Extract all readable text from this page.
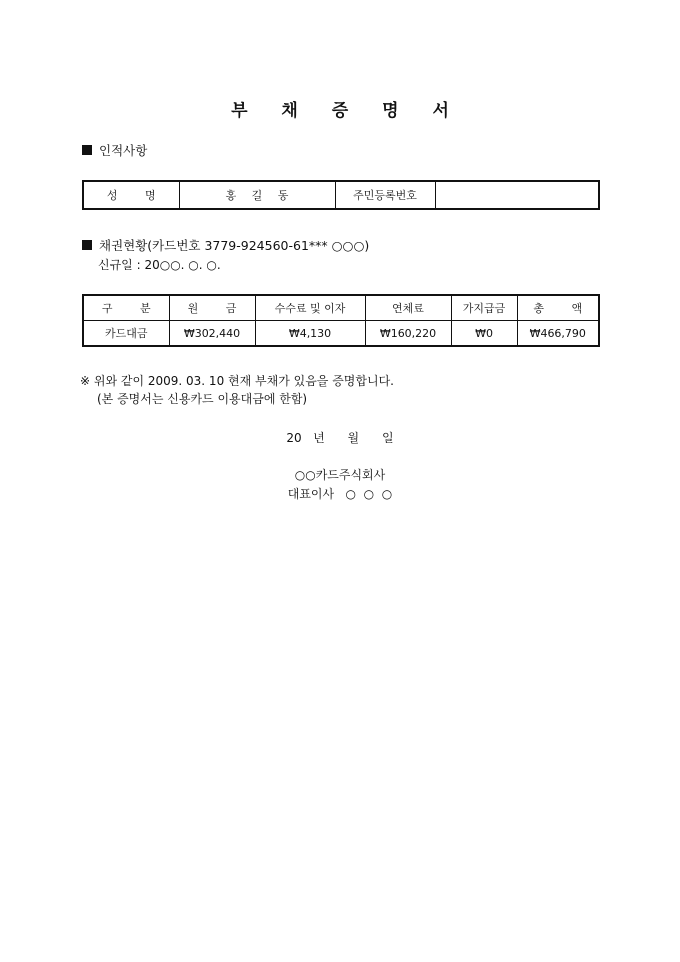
부 채 증 명 서
인적사항
성 명	홍 길 동	주민등록번호	
채권현황(카드번호 3779-924560-61*** ○○○)
신규일 : 20○○. ○. ○.
구 분	원 금	수수료 및 이자	연체료	가지급금	총 액
카드대금	₩302,440	₩4,130	₩160,220	₩0	₩466,790
※ 위와 같이 2009. 03. 10 현재 부채가 있음을 증명합니다.
(본 증명서는 신용카드 이용대금에 한함)
20   년      월      일
○○카드주식회사
대표이사   ○  ○  ○
